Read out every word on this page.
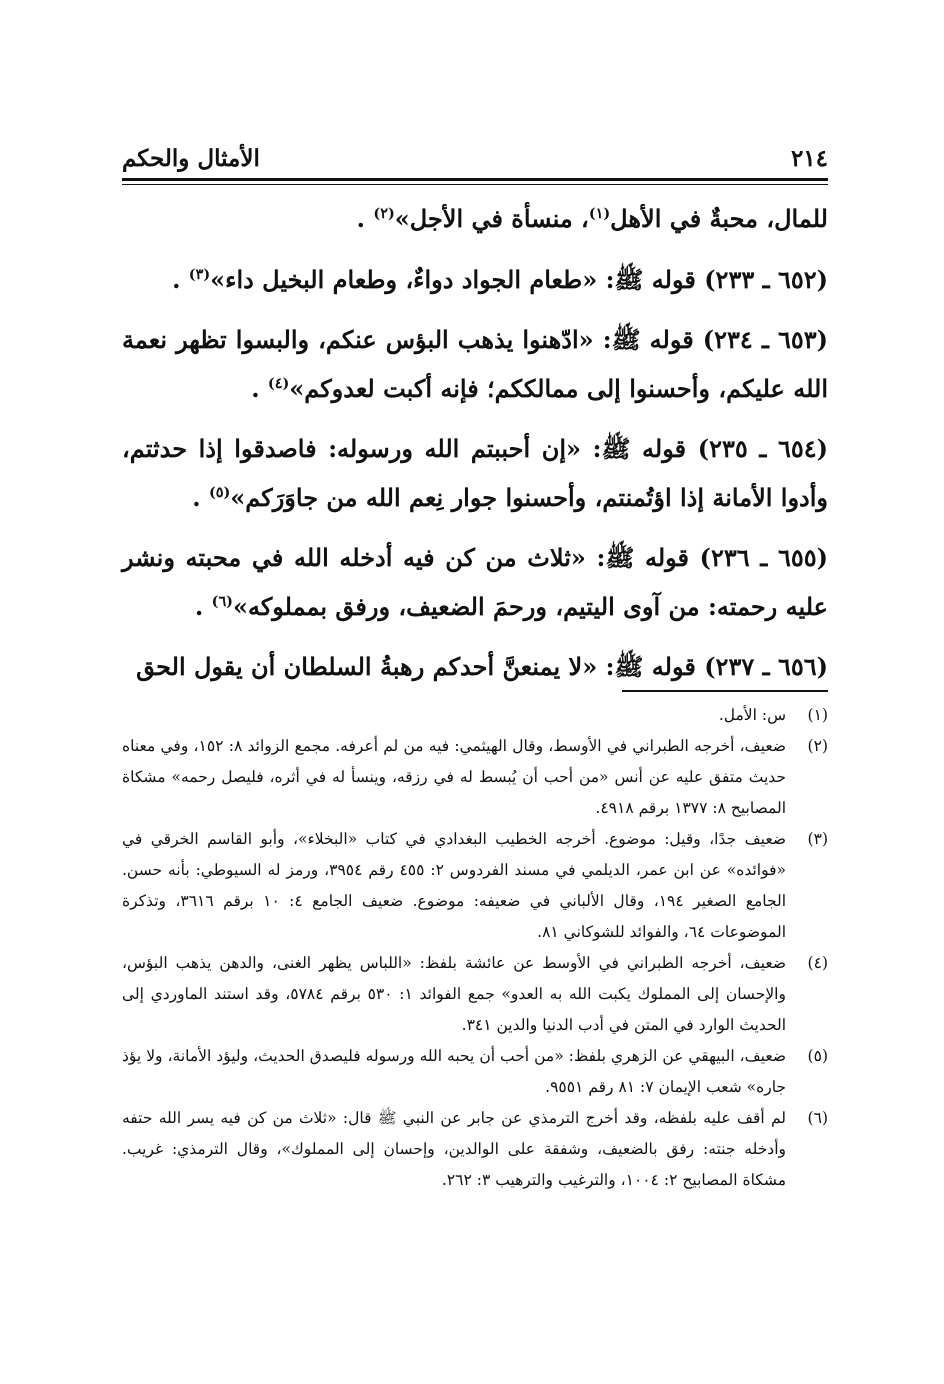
٢١٤
الأمثال والحكم

للمال، محبةٌ في الأهل$^{(١)}$، منسأة في الأجل»$^{(٢)}$ .

(٦٥٢ ـ ٢٣٣) قوله ﷺ: «طعام الجواد دواءٌ، وطعام البخيل داء»$^{(٣)}$ .

(٦٥٣ ـ ٢٣٤) قوله ﷺ: «ادّهنوا يذهب البؤس عنكم، والبسوا تظهر نعمة الله عليكم، وأحسنوا إلى ممالككم؛ فإنه أكبت لعدوكم»$^{(٤)}$ .

(٦٥٤ ـ ٢٣٥) قوله ﷺ: «إن أحببتم الله ورسوله: فاصدقوا إذا حدثتم، وأدوا الأمانة إذا اؤتُمنتم، وأحسنوا جوار نِعم الله من جاوَرَكم»$^{(٥)}$ .

(٦٥٥ ـ ٢٣٦) قوله ﷺ: «ثلاث من كن فيه أدخله الله في محبته ونشر عليه رحمته: من آوى اليتيم، ورحمَ الضعيف، ورفق بمملوكه»$^{(٦)}$ .

(٦٥٦ ـ ٢٣٧) قوله ﷺ: «لا يمنعنَّ أحدكم رهبةُ السلطان أن يقول الحق

(١)
س: الأمل.
(٢)
ضعيف، أخرجه الطبراني في الأوسط، وقال الهيثمي: فيه من لم أعرفه. مجمع الزوائد ٨: ١٥٢، وفي معناه حديث متفق عليه عن أنس «من أحب أن يُبسط له في رزقه، وينسأ له في أثره، فليصل رحمه» مشكاة المصابيح ٨: ١٣٧٧ برقم ٤٩١٨.
(٣)
ضعيف جدًا، وقيل: موضوع. أخرجه الخطيب البغدادي في كتاب «البخلاء»، وأبو القاسم الخرقي في «فوائده» عن ابن عمر، الديلمي في مسند الفردوس ٢: ٤٥٥ رقم ٣٩٥٤، ورمز له السيوطي: بأنه حسن. الجامع الصغير ١٩٤، وقال الألباني في ضعيفه: موضوع. ضعيف الجامع ٤: ١٠ برقم ٣٦١٦، وتذكرة الموضوعات ٦٤، والفوائد للشوكاني ٨١.
(٤)
ضعيف، أخرجه الطبراني في الأوسط عن عائشة بلفظ: «اللباس يظهر الغنى، والدهن يذهب البؤس، والإحسان إلى المملوك يكبت الله به العدو» جمع الفوائد ١: ٥٣٠ برقم ٥٧٨٤، وقد استند الماوردي إلى الحديث الوارد في المتن في أدب الدنيا والدين ٣٤١.
(٥)
ضعيف، البيهقي عن الزهري بلفظ: «من أحب أن يحبه الله ورسوله فليصدق الحديث، وليؤد الأمانة، ولا يؤذ جاره» شعب الإيمان ٧: ٨١ رقم ٩٥٥١.
(٦)
لم أقف عليه بلفظه، وقد أخرج الترمذي عن جابر عن النبي ﷺ قال: «ثلاث من كن فيه يسر الله حتفه وأدخله جنته: رفق بالضعيف، وشفقة على الوالدين، وإحسان إلى المملوك»، وقال الترمذي: غريب. مشكاة المصابيح ٢: ١٠٠٤، والترغيب والترهيب ٣: ٢٦٢.
